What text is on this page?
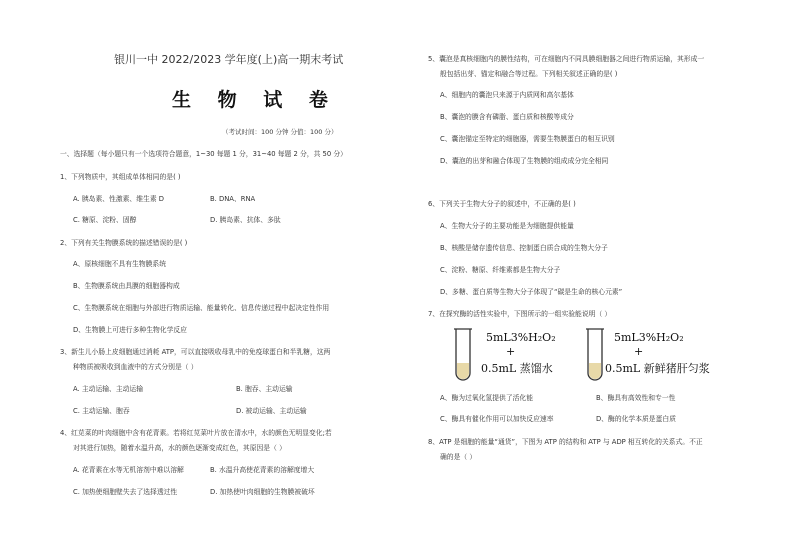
银川一中 2022/2023 学年度(上)高一期末考试
生 物 试 卷
（考试时间：100 分钟 分值：100 分）
一、选择题（每小题只有一个选项符合题意，1~30 每题 1 分，31~40 每题 2 分，共 50 分）
1、下列物质中，其组成单体相同的是( )
A. 胰岛素、性激素、维生素 D	B. DNA、RNA
C. 糖原、淀粉、固醇	D. 胰岛素、抗体、多肽
2、下列有关生物膜系统的描述错误的是( )
A、原核细胞不具有生物膜系统
B、生物膜系统由具膜的细胞器构成
C、生物膜系统在细胞与外部进行物质运输、能量转化、信息传递过程中起决定性作用
D、生物膜上可进行多种生物化学反应
3、新生儿小肠上皮细胞通过消耗 ATP，可以直接吸收母乳中的免疫球蛋白和半乳糖，这两
种物质被吸收到血液中的方式分别是（ ）
A. 主动运输、主动运输	B. 胞吞、主动运输
C. 主动运输、胞吞	D. 被动运输、主动运输
4、红苋菜的叶肉细胞中含有花青素。若将红苋菜叶片放在清水中，水的颜色无明显变化;若
对其进行加热，随着水温升高，水的颜色逐渐变成红色，其原因是（ ）
A. 花青素在水等无机溶剂中难以溶解	B. 水温升高使花青素的溶解度增大
C. 加热使细胞壁失去了选择透过性	D. 加热使叶肉细胞的生物膜被破坏
5、囊泡是真核细胞内的膜性结构，可在细胞内不同具膜细胞器之间进行物质运输，其形成一
般包括出芽、锚定和融合等过程。下列相关叙述正确的是( )
A、细胞内的囊泡只来源于内质网和高尔基体
B、囊泡的膜含有磷脂、蛋白质和核酸等成分
C、囊泡锚定至特定的细胞器，需要生物膜蛋白的相互识别
D、囊泡的出芽和融合体现了生物膜的组成成分完全相同
6、下列关于生物大分子的叙述中，不正确的是( )
A、生物大分子的主要功能是为细胞提供能量
B、核酸是储存遗传信息、控制蛋白质合成的生物大分子
C、淀粉、糖原、纤维素都是生物大分子
D、多糖、蛋白质等生物大分子体现了“碳是生命的核心元素”
7、在探究酶的活性实验中，下图所示的一组实验能说明（ ）
5mL3%H₂O₂
+
0.5mL 蒸馏水
5mL3%H₂O₂
+
0.5mL 新鲜猪肝匀浆
A、酶为过氧化氢提供了活化能	B、酶具有高效性和专一性
C、酶具有催化作用可以加快反应速率	D、酶的化学本质是蛋白质
8、ATP 是细胞的能量“通货”，下图为 ATP 的结构和 ATP 与 ADP 相互转化的关系式。不正
确的是（ ）
